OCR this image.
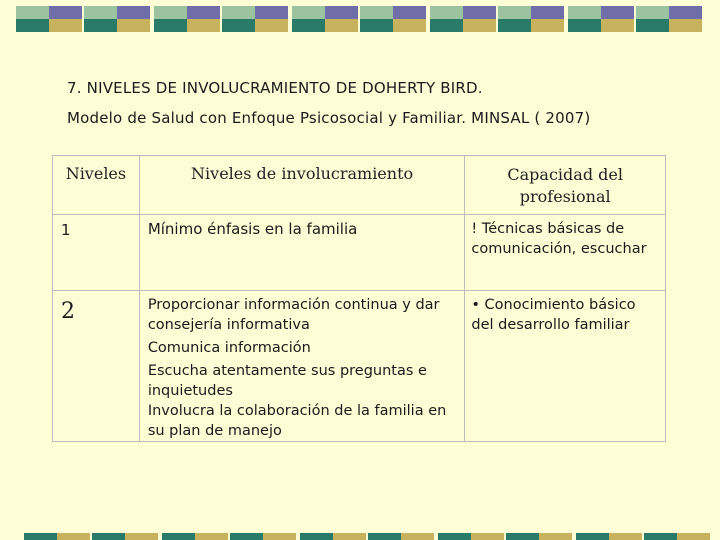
7. NIVELES DE INVOLUCRAMIENTO DE DOHERTY BIRD.
Modelo de Salud con Enfoque Psicosocial y Familiar. MINSAL ( 2007)
Niveles	Niveles de involucramiento	Capacidad del profesional

1	Mínimo énfasis en la familia	! Técnicas básicas de comunicación, escuchar

2	Proporcionar información continua y dar consejería informativa
Comunica información
Escucha atentamente sus preguntas e inquietudes
Involucra la colaboración de la familia en su plan de manejo	• Conocimiento básico del desarrollo familiar
